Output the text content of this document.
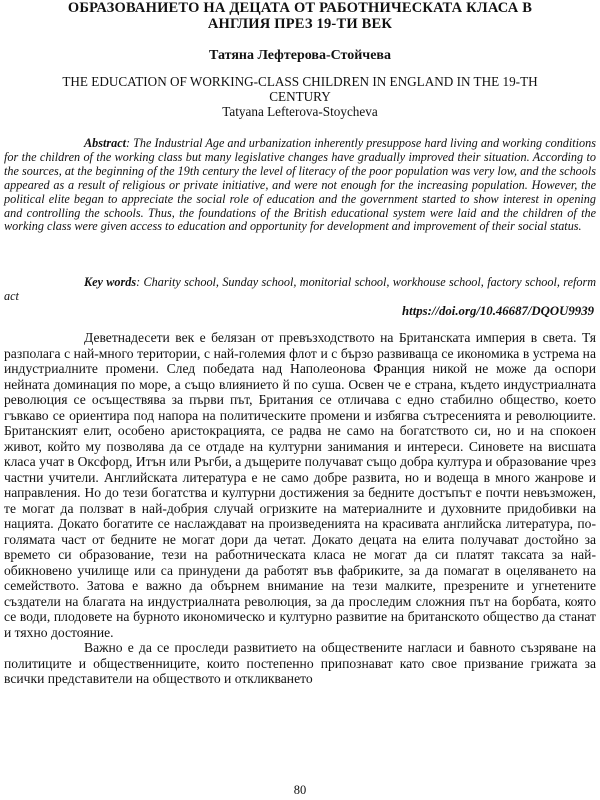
ОБРАЗОВАНИЕТО НА ДЕЦАТА ОТ РАБОТНИЧЕСКАТА КЛАСА В АНГЛИЯ ПРЕЗ 19-ТИ ВЕК
Татяна Лефтерова-Стойчева
THE EDUCATION OF WORKING-CLASS CHILDREN IN ENGLAND IN THE 19-TH CENTURY
Tatyana Lefterova-Stoycheva
Abstract: The Industrial Age and urbanization inherently presuppose hard living and working conditions for the children of the working class but many legislative changes have gradually improved their situation. According to the sources, at the beginning of the 19th century the level of literacy of the poor population was very low, and the schools appeared as a result of religious or private initiative, and were not enough for the increasing population. However, the political elite began to appreciate the social role of education and the government started to show interest in opening and controlling the schools. Thus, the foundations of the British educational system were laid and the children of the working class were given access to education and opportunity for development and improvement of their social status.
Key words: Charity school, Sunday school, monitorial school, workhouse school, factory school, reform act
https://doi.org/10.46687/DQOU9939

Деветнадесети век е белязан от превъзходството на Британската империя в света. Тя разполага с най-много територии, с най-големия флот и с бързо развиваща се икономика в устрема на индустриалните промени. След победата над Наполеонова Франция никой не може да оспори нейната доминация по море, а също влиянието й по суша. Освен че е страна, където индустриалната революция се осъществява за първи път, Британия се отличава с едно стабилно общество, което гъвкаво се ориентира под напора на политическите промени и избягва сътресенията и революциите. Британският елит, особено аристокрацията, се радва не само на богатството си, но и на спокоен живот, който му позволява да се отдаде на културни занимания и интереси. Синовете на висшата класа учат в Оксфорд, Итън или Ръгби, а дъщерите получават също добра култура и образование чрез частни учители. Английската литература е не само добре развита, но и водеща в много жанрове и направления. Но до тези богатства и културни достижения за бедните достъпът е почти невъзможен, те могат да ползват в най-добрия случай огризките на материалните и духовните придобивки на нацията. Докато богатите се наслаждават на произведенията на красивата английска литература, по-голямата част от бедните не могат дори да четат. Докато децата на елита получават достойно за времето си образование, тези на работническата класа не могат да си платят таксата за най-обикновено училище или са принудени да работят във фабриките, за да помагат в оцеляването на семейството. Затова е важно да обърнем внимание на тези малките, презрените и угнетените създатели на благата на индустриалната революция, за да проследим сложния път на борбата, която се води, плодовете на бурното икономическо и културно развитие на британското общество да станат и тяхно достояние.

Важно е да се проследи развитието на обществените нагласи и бавното съзряване на политиците и общественниците, които постепенно припознават като свое призвание грижата за всички представители на обществото и откликването

80
